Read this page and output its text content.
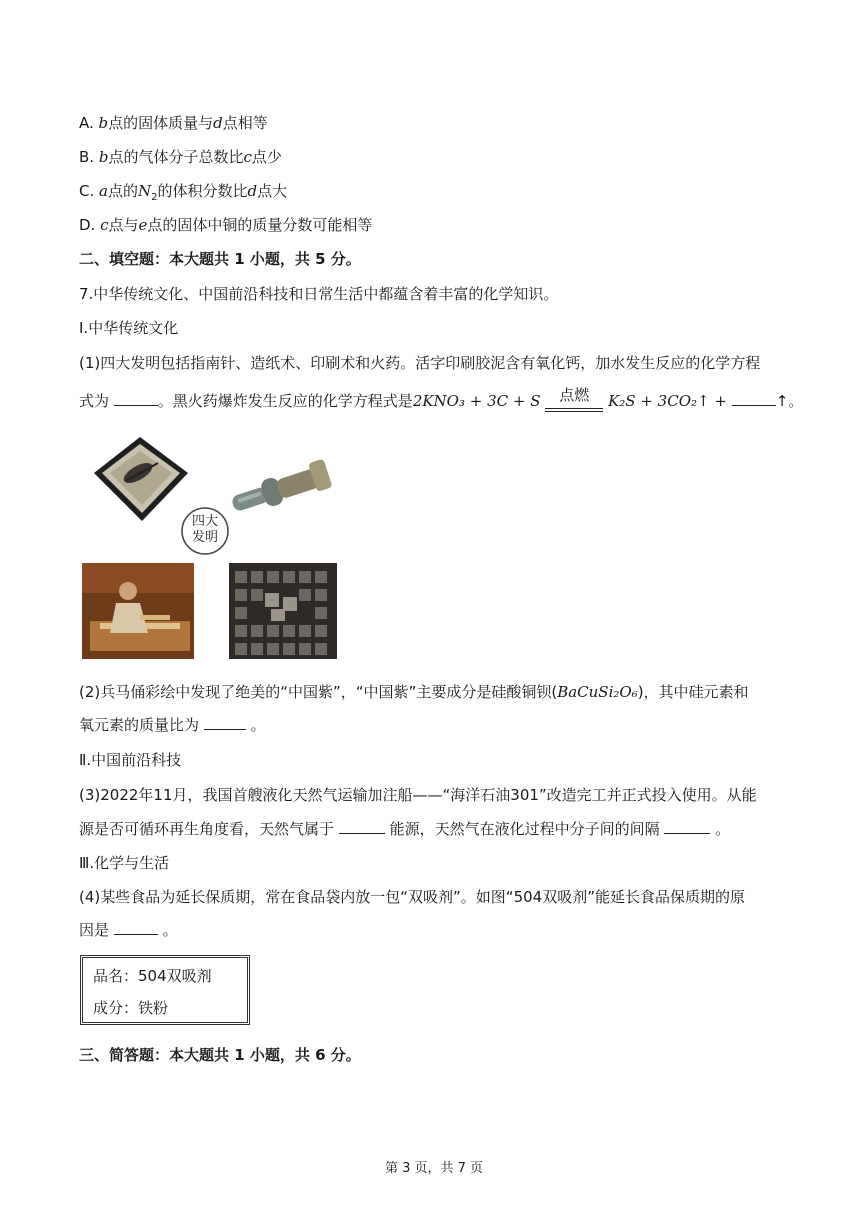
A. b点的固体质量与d点相等
B. b点的气体分子总数比c点少
C. a点的$N_2$的体积分数比d点大
D. c点与e点的固体中铜的质量分数可能相等
二、填空题：本大题共 1 小题，共 5 分。
7.中华传统文化、中国前沿科技和日常生活中都蕴含着丰富的化学知识。
Ⅰ.中华传统文化
(1)四大发明包括指南针、造纸术、印刷术和火药。活字印刷胶泥含有氧化钙，加水发生反应的化学方程
式为	。黑火药爆炸发生反应的化学方程式是2KNO₃ + 3C + S	点燃	K₂S + 3CO₂↑ +	↑。
四大
发明
(2)兵马俑彩绘中发现了绝美的“中国紫”，“中国紫”主要成分是硅酸铜钡(BaCuSi₂O₆)，其中硅元素和
氧元素的质量比为	。
Ⅱ.中国前沿科技
(3)2022年11月，我国首艘液化天然气运输加注船——“海洋石油301”改造完工并正式投入使用。从能
源是否可循环再生角度看，天然气属于	能源，天然气在液化过程中分子间的间隔	。
Ⅲ.化学与生活
(4)某些食品为延长保质期，常在食品袋内放一包“双吸剂”。如图“504双吸剂”能延长食品保质期的原
因是	。
品名：504双吸剂
成分：铁粉
三、简答题：本大题共 1 小题，共 6 分。
第 3 页，共 7 页
